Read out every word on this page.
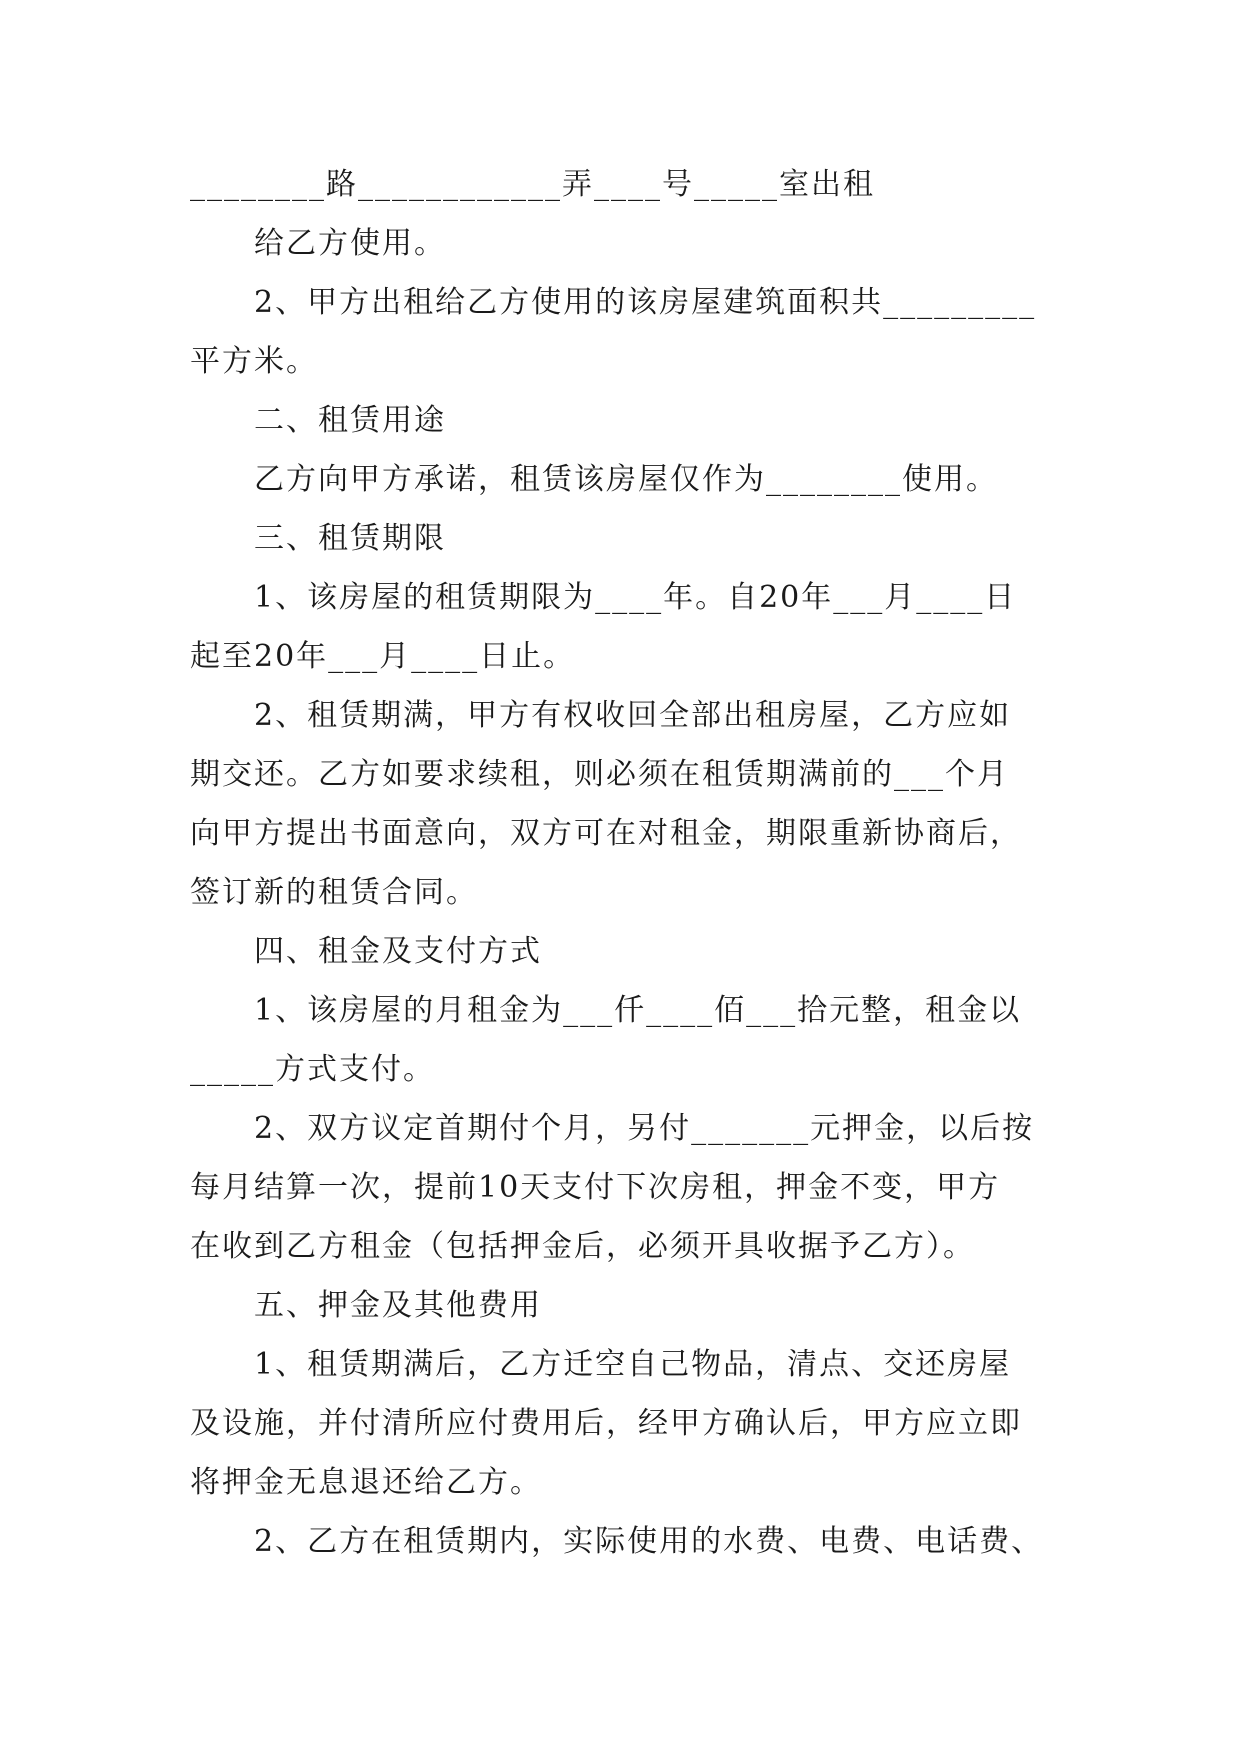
________路____________弄____号_____室出租
给乙方使用。
2、甲方出租给乙方使用的该房屋建筑面积共_________
平方米。
二、租赁用途
乙方向甲方承诺，租赁该房屋仅作为________使用。
三、租赁期限
1、该房屋的租赁期限为____年。自20年___月____日
起至20年___月____日止。
2、租赁期满，甲方有权收回全部出租房屋，乙方应如
期交还。乙方如要求续租，则必须在租赁期满前的___个月
向甲方提出书面意向，双方可在对租金，期限重新协商后，
签订新的租赁合同。
四、租金及支付方式
1、该房屋的月租金为___仟____佰___拾元整，租金以
_____方式支付。
2、双方议定首期付个月，另付_______元押金，以后按
每月结算一次，提前10天支付下次房租，押金不变，甲方
在收到乙方租金（包括押金后，必须开具收据予乙方）。
五、押金及其他费用
1、租赁期满后，乙方迁空自己物品，清点、交还房屋
及设施，并付清所应付费用后，经甲方确认后，甲方应立即
将押金无息退还给乙方。
2、乙方在租赁期内，实际使用的水费、电费、电话费、
